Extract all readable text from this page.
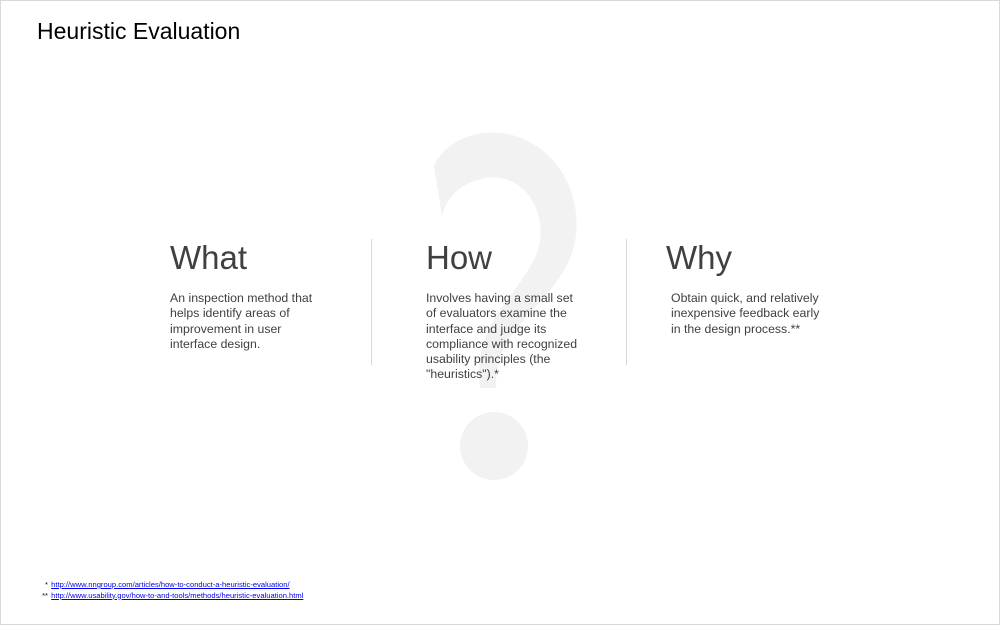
Heuristic Evaluation
What
An inspection method that
helps identify areas of
improvement in user
interface design.
How
Involves having a small set
of evaluators examine the
interface and judge its
compliance with recognized
usability principles (the
"heuristics").*
Why
Obtain quick, and relatively
inexpensive feedback early
in the design process.**
* http://www.nngroup.com/articles/how-to-conduct-a-heuristic-evaluation/
** http://www.usability.gov/how-to-and-tools/methods/heuristic-evaluation.html
